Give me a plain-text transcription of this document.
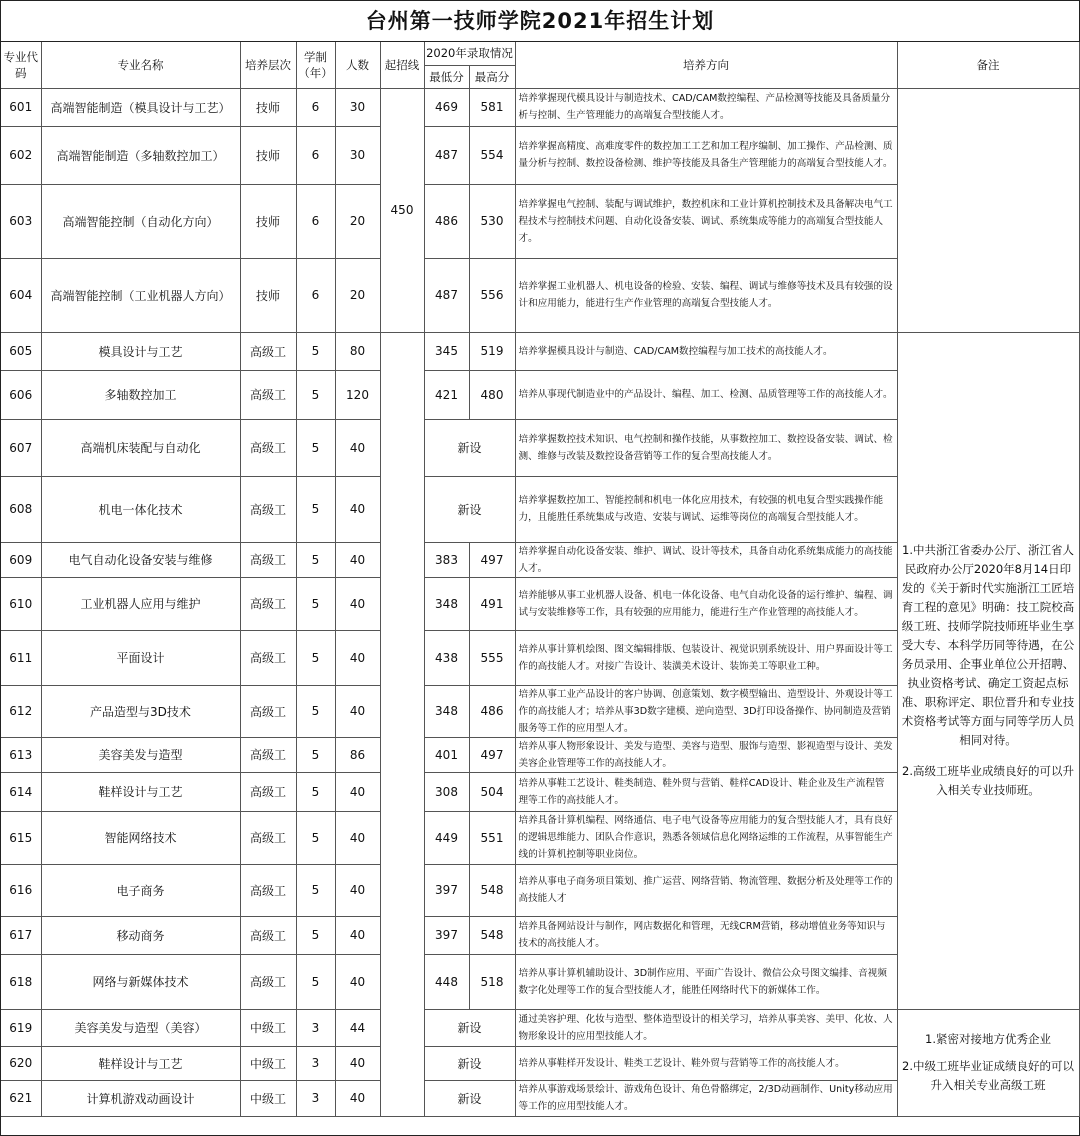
台州第一技师学院2021年招生计划
专业代码	专业名称	培养层次	学制（年）	人数	起招线	2020年录取情况		培养方向	备注
						最低分	最高分		
601	高端智能制造（模具设计与工艺）	技师	6	30	450	469	581	培养掌握现代模具设计与制造技术、CAD/CAM数控编程、产品检测等技能及具备质量分析与控制、生产管理能力的高端复合型技能人才。	
602	高端智能制造（多轴数控加工）	技师	6	30		487	554	培养掌握高精度、高难度零件的数控加工工艺和加工程序编制、加工操作、产品检测、质量分析与控制、数控设备检测、维护等技能及具备生产管理能力的高端复合型技能人才。	
603	高端智能控制（自动化方向）	技师	6	20		486	530	培养掌握电气控制、装配与调试维护，数控机床和工业计算机控制技术及具备解决电气工程技术与控制技术问题、自动化设备安装、调试、系统集成等能力的高端复合型技能人才。	
604	高端智能控制（工业机器人方向）	技师	6	20		487	556	培养掌握工业机器人、机电设备的检验、安装、编程、调试与维修等技术及具有较强的设计和应用能力，能进行生产作业管理的高端复合型技能人才。	
605	模具设计与工艺	高级工	5	80		345	519	培养掌握模具设计与制造、CAD/CAM数控编程与加工技术的高技能人才。	1.中共浙江省委办公厅、浙江省人民政府办公厅2020年8月14日印发的《关于新时代实施浙江工匠培育工程的意见》明确：技工院校高级工班、技师学院技师班毕业生享受大专、本科学历同等待遇，在公务员录用、企事业单位公开招聘、执业资格考试、确定工资起点标准、职称评定、职位晋升和专业技术资格考试等方面与同等学历人员相同对待。
2.高级工班毕业成绩良好的可以升入相关专业技师班。

606	多轴数控加工	高级工	5	120		421	480	培养从事现代制造业中的产品设计、编程、加工、检测、品质管理等工作的高技能人才。	
607	高端机床装配与自动化	高级工	5	40		新设		培养掌握数控技术知识、电气控制和操作技能，从事数控加工、数控设备安装、调试、检测、维修与改装及数控设备营销等工作的复合型高技能人才。	
608	机电一体化技术	高级工	5	40		新设		培养掌握数控加工、智能控制和机电一体化应用技术，有较强的机电复合型实践操作能力，且能胜任系统集成与改造、安装与调试、运维等岗位的高端复合型技能人才。	
609	电气自动化设备安装与维修	高级工	5	40		383	497	培养掌握自动化设备安装、维护、调试、设计等技术，具备自动化系统集成能力的高技能人才。	
610	工业机器人应用与维护	高级工	5	40		348	491	培养能够从事工业机器人设备、机电一体化设备、电气自动化设备的运行维护、编程、调试与安装维修等工作，具有较强的应用能力，能进行生产作业管理的高技能人才。	
611	平面设计	高级工	5	40		438	555	培养从事计算机绘图、图文编辑排版、包装设计、视觉识别系统设计、用户界面设计等工作的高技能人才。对接广告设计、装潢美术设计、装饰美工等职业工种。	
612	产品造型与3D技术	高级工	5	40		348	486	培养从事工业产品设计的客户协调、创意策划、数字模型输出、造型设计、外观设计等工作的高技能人才；培养从事3D数字建模、逆向造型、3D打印设备操作、协同制造及营销服务等工作的应用型人才。	
613	美容美发与造型	高级工	5	86		401	497	培养从事人物形象设计、美发与造型、美容与造型、服饰与造型、影视造型与设计、美发美容企业管理等工作的高技能人才。	
614	鞋样设计与工艺	高级工	5	40		308	504	培养从事鞋工艺设计、鞋类制造、鞋外贸与营销、鞋样CAD设计、鞋企业及生产流程管理等工作的高技能人才。	
615	智能网络技术	高级工	5	40		449	551	培养具备计算机编程、网络通信、电子电气设备等应用能力的复合型技能人才，具有良好的逻辑思维能力、团队合作意识，熟悉各领域信息化网络运维的工作流程，从事智能生产线的计算机控制等职业岗位。	
616	电子商务	高级工	5	40		397	548	培养从事电子商务项目策划、推广运营、网络营销、物流管理、数据分析及处理等工作的高技能人才	
617	移动商务	高级工	5	40		397	548	培养具备网站设计与制作，网店数据化和管理，无线CRM营销，移动增值业务等知识与技术的高技能人才。	
618	网络与新媒体技术	高级工	5	40		448	518	培养从事计算机辅助设计、3D制作应用、平面广告设计、微信公众号图文编排、音视频数字化处理等工作的复合型技能人才，能胜任网络时代下的新媒体工作。	
619	美容美发与造型（美容）	中级工	3	44		新设		通过美容护理、化妆与造型、整体造型设计的相关学习，培养从事美容、美甲、化妆、人物形象设计的应用型技能人才。	1.紧密对接地方优秀企业
2.中级工班毕业证成绩良好的可以升入相关专业高级工班

620	鞋样设计与工艺	中级工	3	40		新设		培养从事鞋样开发设计、鞋类工艺设计、鞋外贸与营销等工作的高技能人才。	
621	计算机游戏动画设计	中级工	3	40		新设		培养从事游戏场景绘计、游戏角色设计、角色骨骼绑定，2/3D动画制作、Unity移动应用等工作的应用型技能人才。	
